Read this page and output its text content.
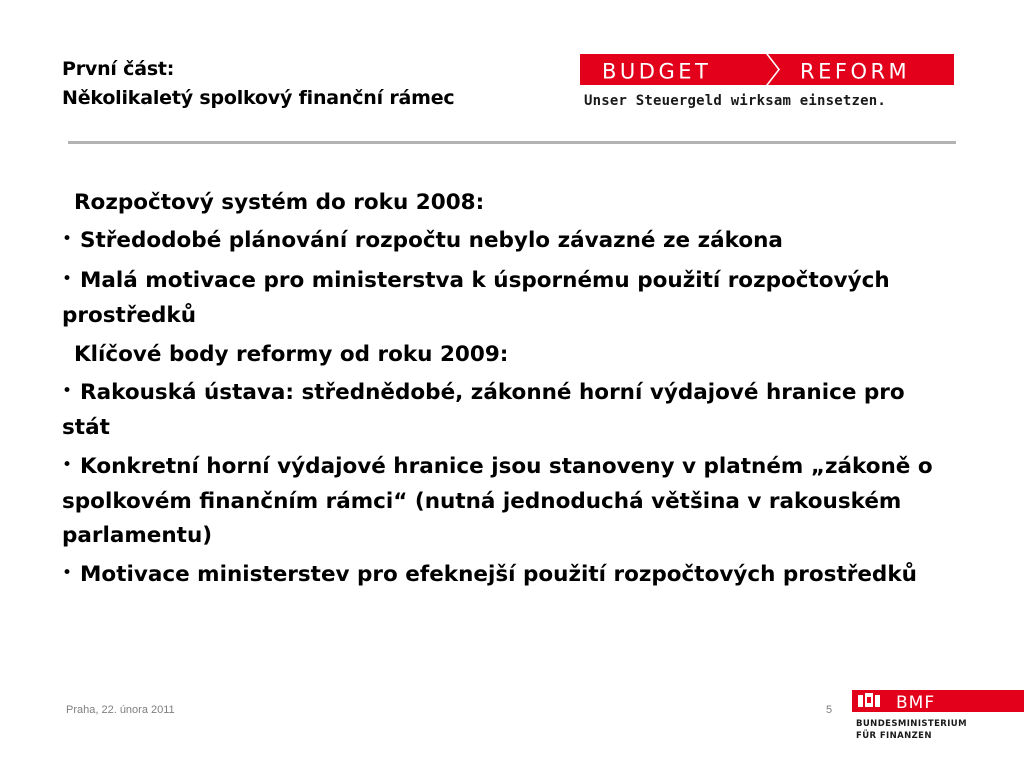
První část:
Několikaletý spolkový finanční rámec
BUDGET	REFORM
Unser Steuergeld wirksam einsetzen.

Rozpočtový systém do roku 2008:

• Středodobé plánování rozpočtu nebylo závazné ze zákona

• Malá motivace pro ministerstva k úspornému použití rozpočtových prostředků

Klíčové body reformy od roku 2009:

• Rakouská ústava: střednědobé, zákonné horní výdajové hranice pro stát

• Konkretní horní výdajové hranice jsou stanoveny v platném „zákoně o spolkovém finančním rámci“ (nutná jednoduchá většina v rakouském parlamentu)

• Motivace ministerstev pro efeknejší použití rozpočtových prostředků

Praha, 22. února 2011	5	BMF
BUNDESMINISTERIUM
FÜR FINANZEN
